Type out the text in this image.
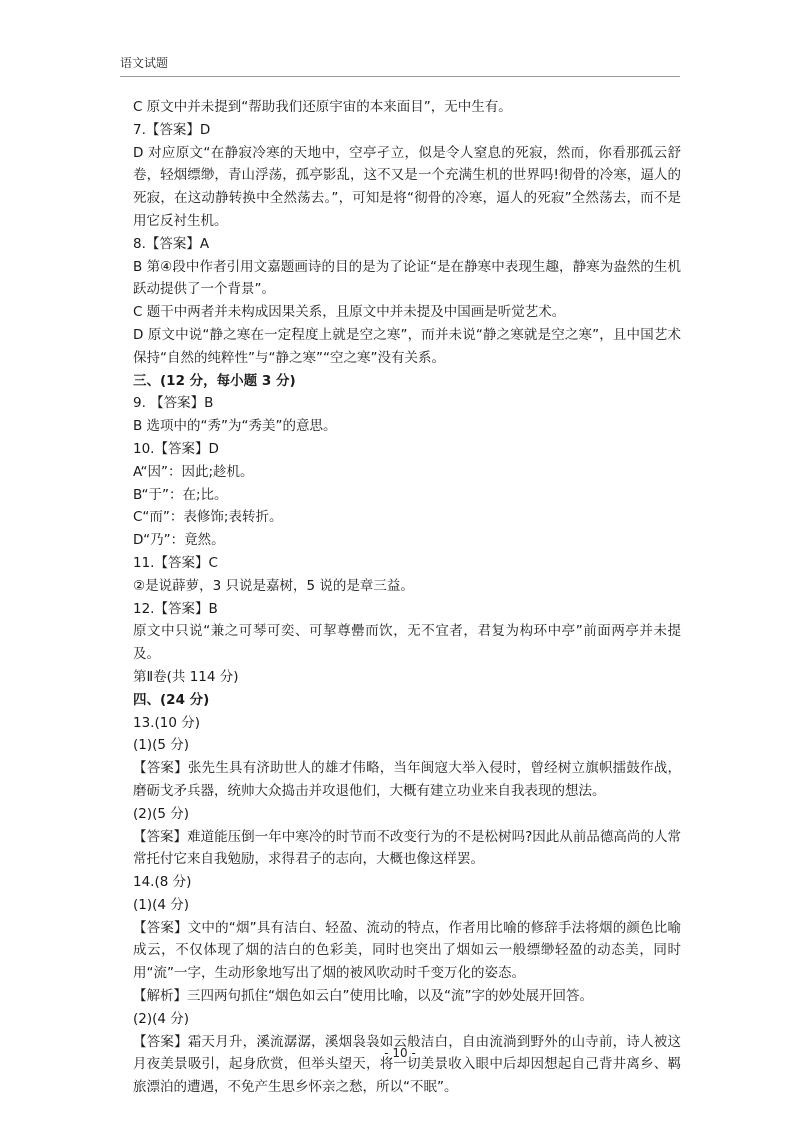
语文试题

C 原文中并未提到“帮助我们还原宇宙的本来面目”，无中生有。

7.【答案】D

D 对应原文“在静寂冷寒的天地中，空亭孑立，似是令人窒息的死寂，然而，你看那孤云舒卷，轻烟缥缈，青山浮荡，孤亭影乱，这不又是一个充满生机的世界吗!彻骨的冷寒，逼人的死寂，在这动静转换中全然荡去。”，可知是将“彻骨的冷寒，逼人的死寂”全然荡去，而不是用它反衬生机。

8.【答案】A

B 第④段中作者引用文嘉题画诗的目的是为了论证“是在静寒中表现生趣，静寒为盎然的生机跃动提供了一个背景”。

C 题干中两者并未构成因果关系，且原文中并未提及中国画是听觉艺术。

D 原文中说“静之寒在一定程度上就是空之寒”，而并未说“静之寒就是空之寒”，且中国艺术保持“自然的纯粹性”与“静之寒”“空之寒”没有关系。

三、(12 分，每小题 3 分)

9. 【答案】B

B 选项中的“秀”为“秀美”的意思。

10.【答案】D

A“因”：因此;趁机。

B“于”：在;比。

C“而”：表修饰;表转折。

D“乃”：竟然。

11.【答案】C

②是说薜萝，3 只说是嘉树，5 说的是章三益。

12.【答案】B

原文中只说“兼之可琴可奕、可挈尊罍而饮，无不宜者，君复为构环中亭”前面两亭并未提及。

第Ⅱ卷(共 114 分)

四、(24 分)

13.(10 分)

(1)(5 分)

【答案】张先生具有济助世人的雄才伟略，当年闽寇大举入侵时，曾经树立旗帜擂鼓作战，磨砺戈矛兵器，统帅大众捣击并攻退他们，大概有建立功业来自我表现的想法。

(2)(5 分)

【答案】难道能压倒一年中寒冷的时节而不改变行为的不是松树吗?因此从前品德高尚的人常常托付它来自我勉励，求得君子的志向，大概也像这样罢。

14.(8 分)

(1)(4 分)

【答案】文中的“烟”具有洁白、轻盈、流动的特点，作者用比喻的修辞手法将烟的颜色比喻成云，不仅体现了烟的洁白的色彩美，同时也突出了烟如云一般缥缈轻盈的动态美，同时用“流”一字，生动形象地写出了烟的被风吹动时千变万化的姿态。

【解析】三四两句抓住“烟色如云白”使用比喻，以及“流”字的妙处展开回答。

(2)(4 分)

【答案】霜天月升，溪流潺潺，溪烟袅袅如云般洁白，自由流淌到野外的山寺前，诗人被这月夜美景吸引，起身欣赏，但举头望天，将一切美景收入眼中后却因想起自己背井离乡、羁旅漂泊的遭遇，不免产生思乡怀亲之愁，所以“不眠”。

- 10 -
